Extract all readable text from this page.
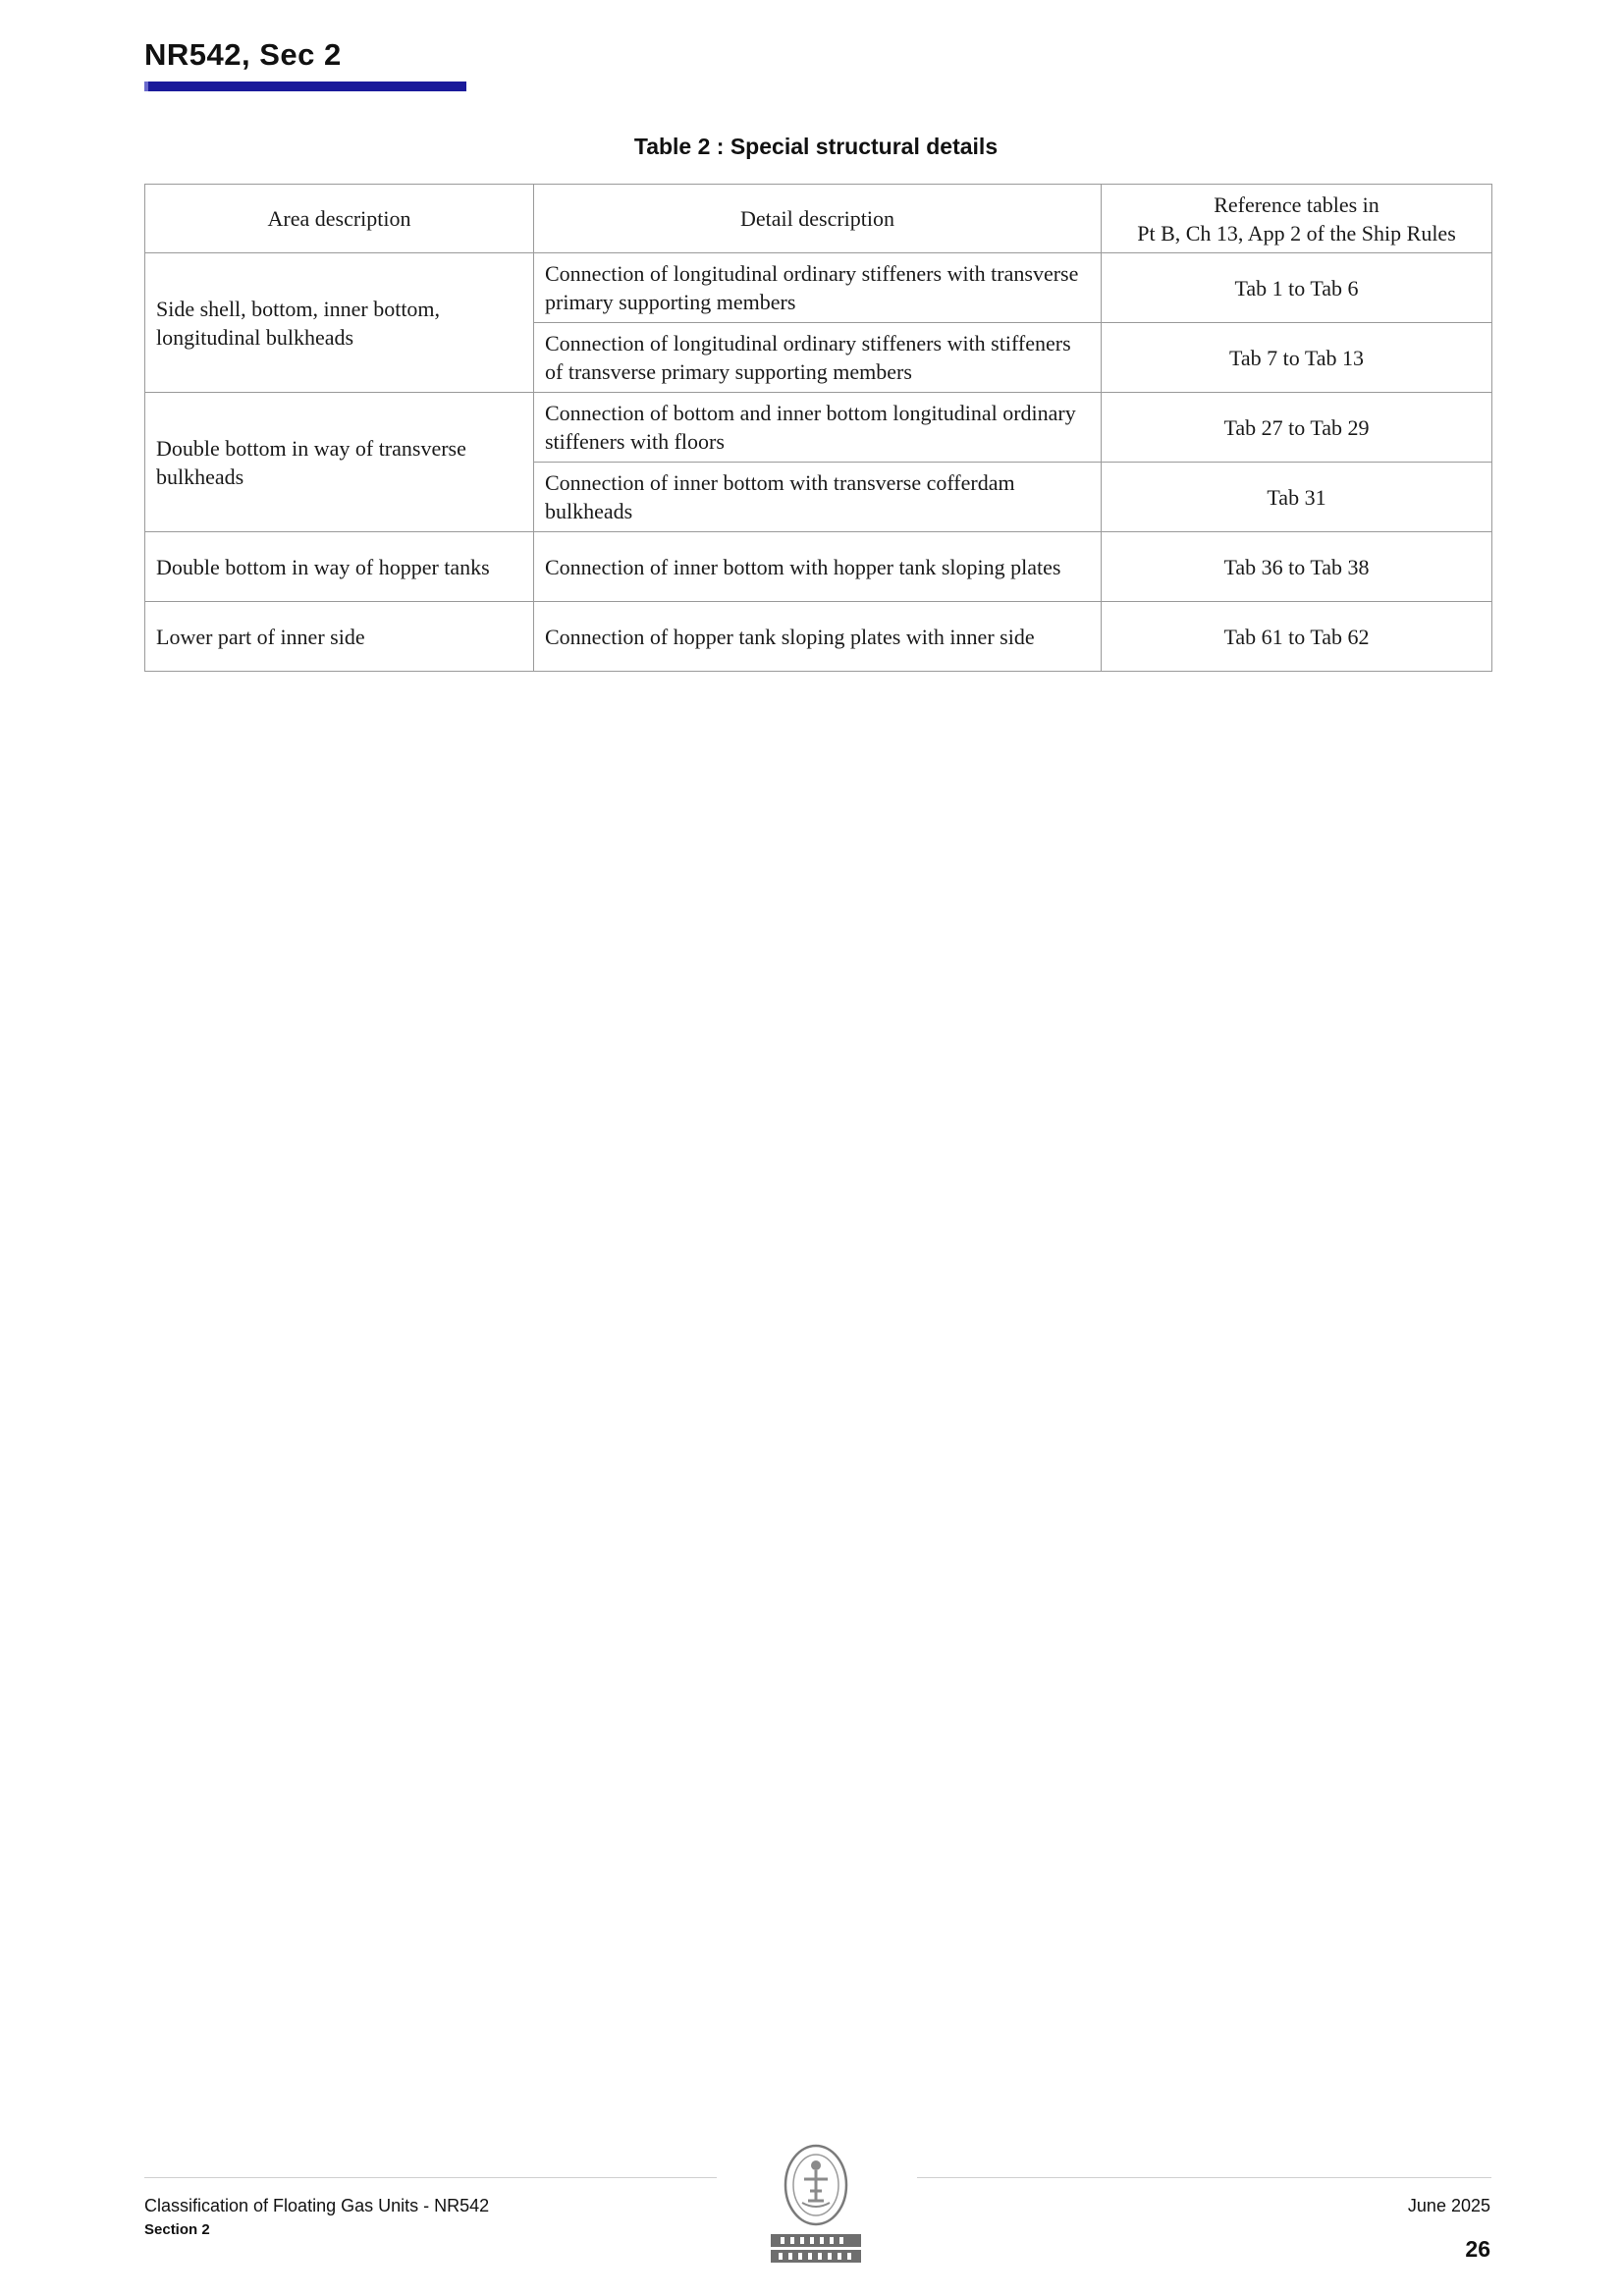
NR542, Sec 2
Table 2 : Special structural details
Area description	Detail description	Reference tables in
Pt B, Ch 13, App 2 of the Ship Rules
Side shell, bottom, inner bottom, longitudinal bulkheads	Connection of longitudinal ordinary stiffeners with transverse primary supporting members	Tab 1 to Tab 6
	Connection of longitudinal ordinary stiffeners with stiffeners of transverse primary supporting members	Tab 7 to Tab 13
Double bottom in way of transverse bulkheads	Connection of bottom and inner bottom longitudinal ordinary stiffeners with floors	Tab 27 to Tab 29
	Connection of inner bottom with transverse cofferdam bulkheads	Tab 31
Double bottom in way of hopper tanks	Connection of inner bottom with hopper tank sloping plates	Tab 36 to Tab 38
Lower part of inner side	Connection of hopper tank sloping plates with inner side	Tab 61 to Tab 62
Classification of Floating Gas Units - NR542
Section 2
June 2025
26
